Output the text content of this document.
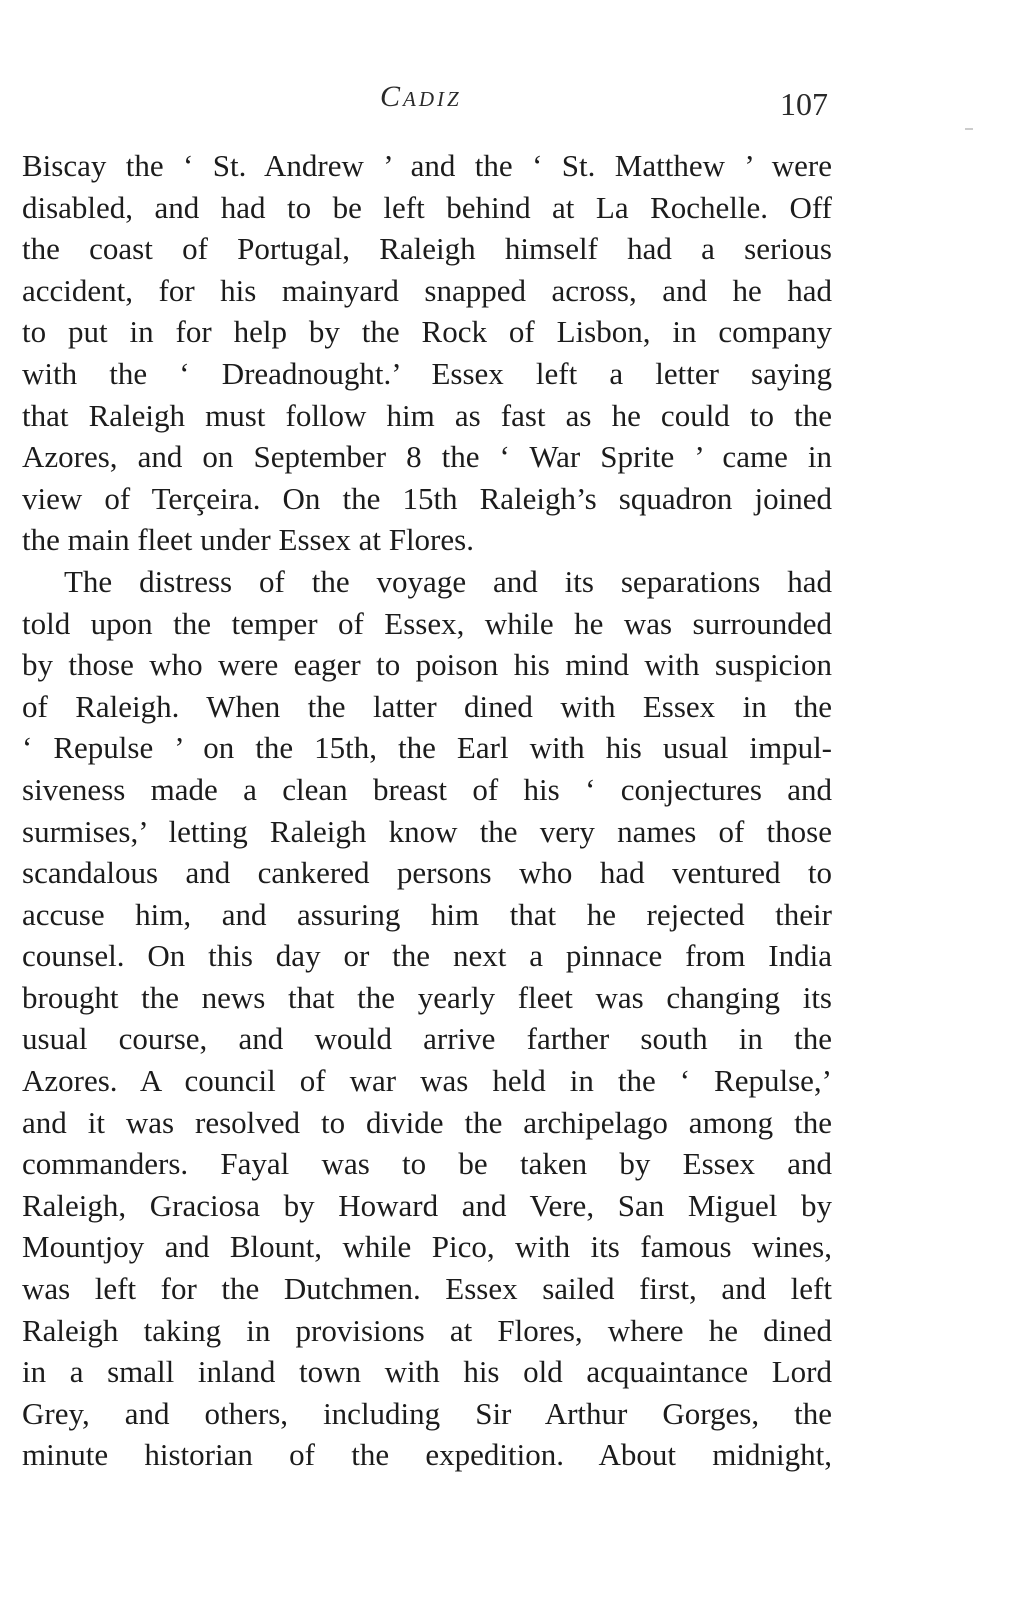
Cadiz	107
Biscay the ‘ St. Andrew ’ and the ‘ St. Matthew ’ were
disabled, and had to be left behind at La Rochelle. Off
the coast of Portugal, Raleigh himself had a serious
accident, for his mainyard snapped across, and he had
to put in for help by the Rock of Lisbon, in company
with the ‘ Dreadnought.’ Essex left a letter saying
that Raleigh must follow him as fast as he could to the
Azores, and on September 8 the ‘ War Sprite ’ came in
view of Terçeira. On the 15th Raleigh’s squadron joined
the main fleet under Essex at Flores.
The distress of the voyage and its separations had
told upon the temper of Essex, while he was surrounded
by those who were eager to poison his mind with suspicion
of Raleigh. When the latter dined with Essex in the
‘ Repulse ’ on the 15th, the Earl with his usual impul-
siveness made a clean breast of his ‘ conjectures and
surmises,’ letting Raleigh know the very names of those
scandalous and cankered persons who had ventured to
accuse him, and assuring him that he rejected their
counsel. On this day or the next a pinnace from India
brought the news that the yearly fleet was changing its
usual course, and would arrive farther south in the
Azores. A council of war was held in the ‘ Repulse,’
and it was resolved to divide the archipelago among the
commanders. Fayal was to be taken by Essex and
Raleigh, Graciosa by Howard and Vere, San Miguel by
Mountjoy and Blount, while Pico, with its famous wines,
was left for the Dutchmen. Essex sailed first, and left
Raleigh taking in provisions at Flores, where he dined
in a small inland town with his old acquaintance Lord
Grey, and others, including Sir Arthur Gorges, the
minute historian of the expedition. About midnight,
